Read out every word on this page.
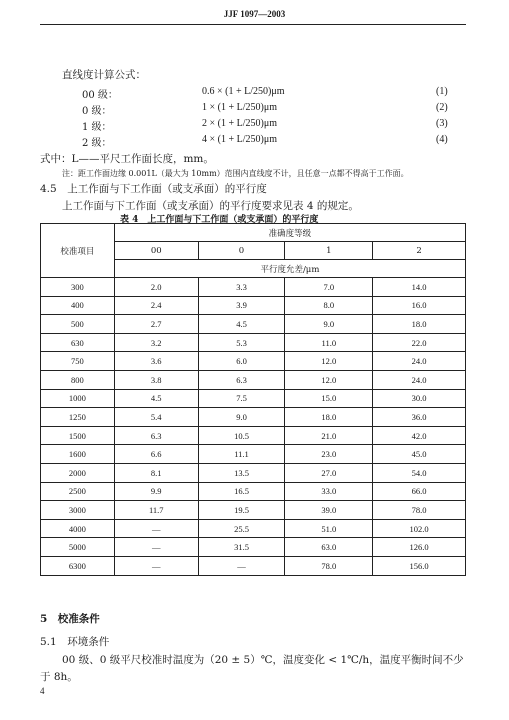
JJF 1097—2003
直线度计算公式：
00 级：	0.6 × (1 + L/250)μm	(1)
0 级：	1 × (1 + L/250)μm	(2)
1 级：	2 × (1 + L/250)μm	(3)
2 级：	4 × (1 + L/250)μm	(4)
式中：L——平尺工作面长度，mm。
注：距工作面边缘 0.001L（最大为 10mm）范围内直线度不计，且任意一点都不得高于工作面。
4.5　上工作面与下工作面（或支承面）的平行度
上工作面与下工作面（或支承面）的平行度要求见表 4 的规定。
表 4　上工作面与下工作面（或支承面）的平行度
校准项目	准确度等级			
	00	0	1	2
	平行度允差/μm			
300	2.0	3.3	7.0	14.0
400	2.4	3.9	8.0	16.0
500	2.7	4.5	9.0	18.0
630	3.2	5.3	11.0	22.0
750	3.6	6.0	12.0	24.0
800	3.8	6.3	12.0	24.0
1000	4.5	7.5	15.0	30.0
1250	5.4	9.0	18.0	36.0
1500	6.3	10.5	21.0	42.0
1600	6.6	11.1	23.0	45.0
2000	8.1	13.5	27.0	54.0
2500	9.9	16.5	33.0	66.0
3000	11.7	19.5	39.0	78.0
4000	—	25.5	51.0	102.0
5000	—	31.5	63.0	126.0
6300	—	—	78.0	156.0
5　校准条件
5.1　环境条件
00 级、0 级平尺校准时温度为（20 ± 5）℃，温度变化 < 1℃/h，温度平衡时间不少
于 8h。
4
